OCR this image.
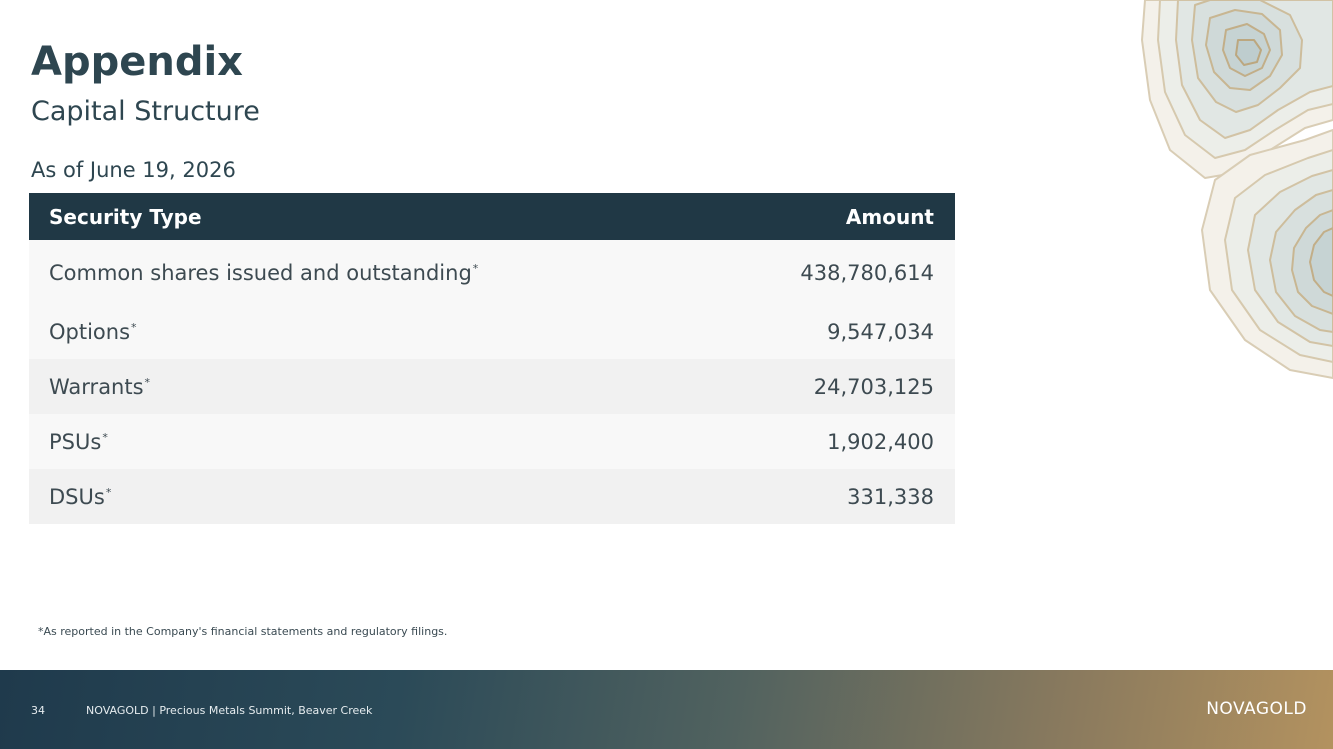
Appendix
Capital Structure
As of June 19, 2026
Security Type	Amount
Common shares issued and outstanding*	438,780,614
Options*	9,547,034
Warrants*	24,703,125
PSUs*	1,902,400
DSUs*	331,338
*As reported in the Company's financial statements and regulatory filings.
34	NOVAGOLD | Precious Metals Summit, Beaver Creek	NOVAGOLD
